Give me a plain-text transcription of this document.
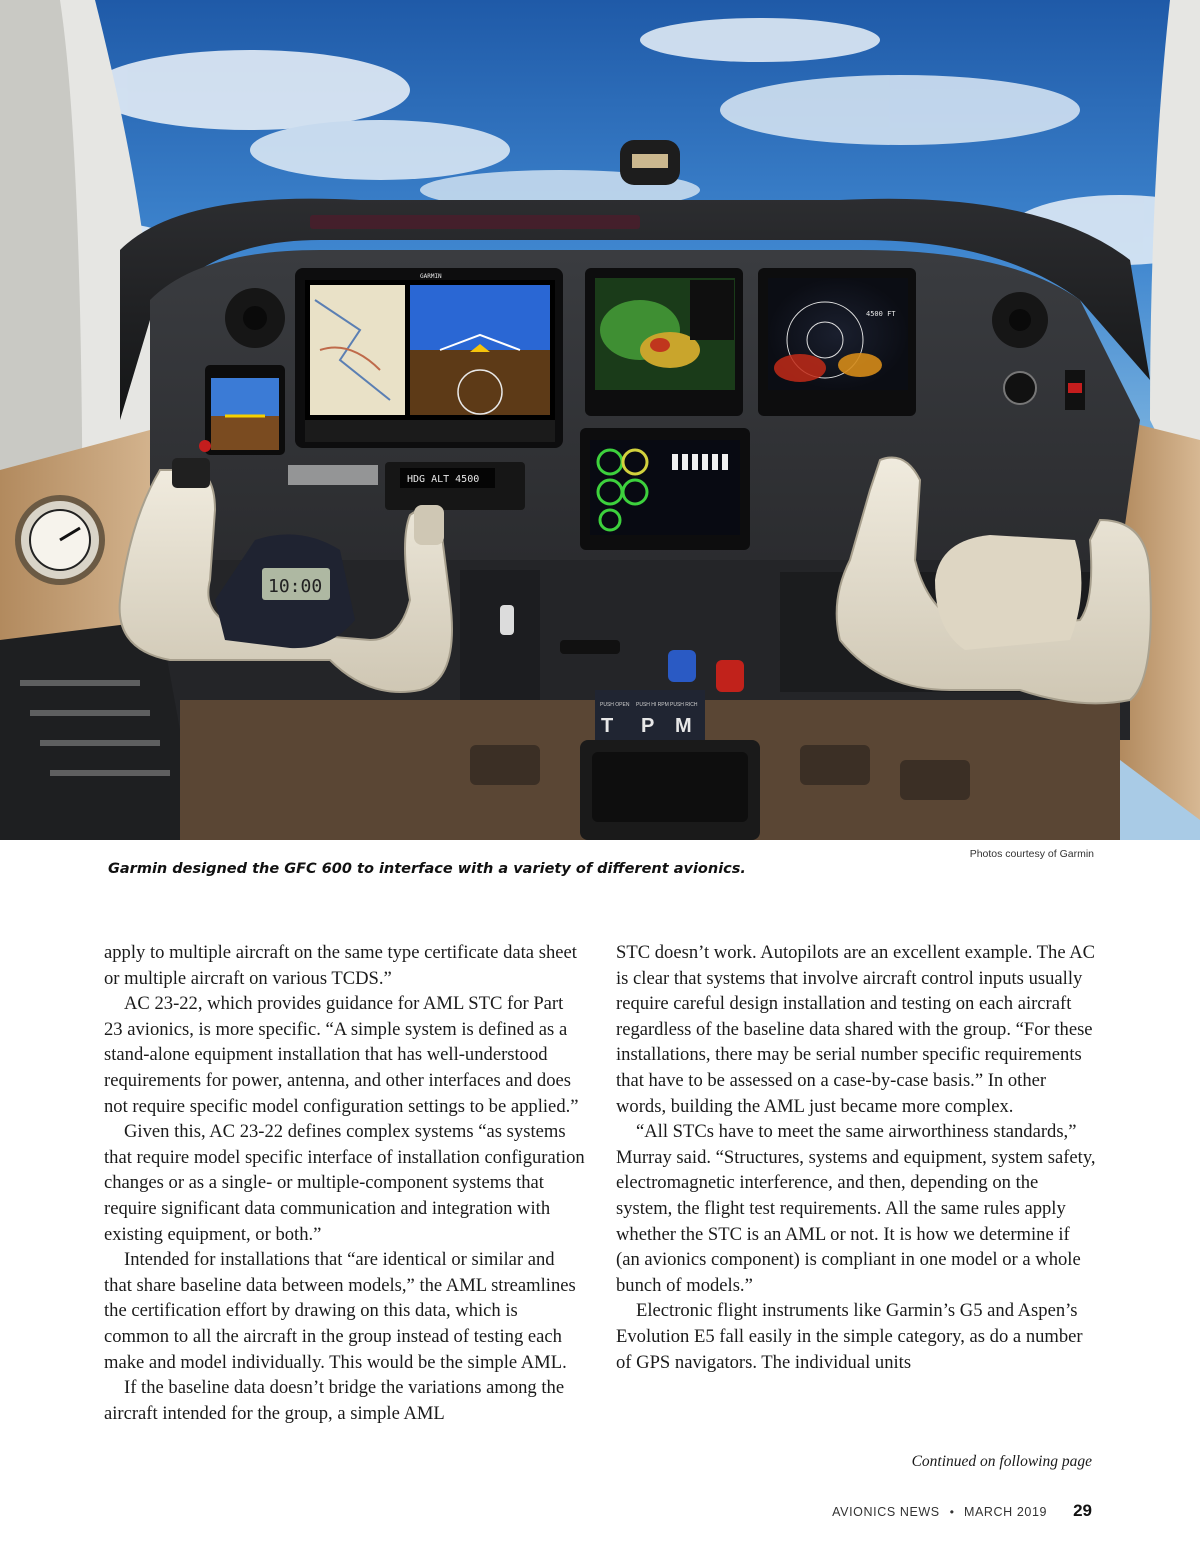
GARMIN
4500 FT
HDG ALT 4500
T P M
PUSH OPEN PUSH HI RPM PUSH RICH
10:00
Photos courtesy of Garmin
Garmin designed the GFC 600 to interface with a variety of different avionics.

apply to multiple aircraft on the same type certificate data sheet or multiple aircraft on various TCDS.”

AC 23-22, which provides guidance for AML STC for Part 23 avionics, is more specific. “A simple system is defined as a stand-alone equipment installation that has well-understood requirements for power, antenna, and other interfaces and does not require specific model configuration settings to be applied.”

Given this, AC 23-22 defines complex systems “as systems that require model specific interface of installation configuration changes or as a single- or multiple-component systems that require significant data communication and integration with existing equipment, or both.”

Intended for installations that “are identical or similar and that share baseline data between models,” the AML streamlines the certification effort by drawing on this data, which is common to all the aircraft in the group instead of testing each make and model individually. This would be the simple AML.

If the baseline data doesn’t bridge the variations among the aircraft intended for the group, a simple AML

STC doesn’t work. Autopilots are an excellent example. The AC is clear that systems that involve aircraft control inputs usually require careful design installation and testing on each aircraft regardless of the baseline data shared with the group. “For these installations, there may be serial number specific requirements that have to be assessed on a case-by-case basis.” In other words, building the AML just became more complex.

“All STCs have to meet the same airworthiness standards,” Murray said. “Structures, systems and equipment, system safety, electromagnetic interference, and then, depending on the system, the flight test requirements. All the same rules apply whether the STC is an AML or not. It is how we determine if (an avionics component) is compliant in one model or a whole bunch of models.”

Electronic flight instruments like Garmin’s G5 and Aspen’s Evolution E5 fall easily in the simple category, as do a number of GPS navigators. The individual units

Continued on following page
AVIONICS NEWS • MARCH 2019 29
